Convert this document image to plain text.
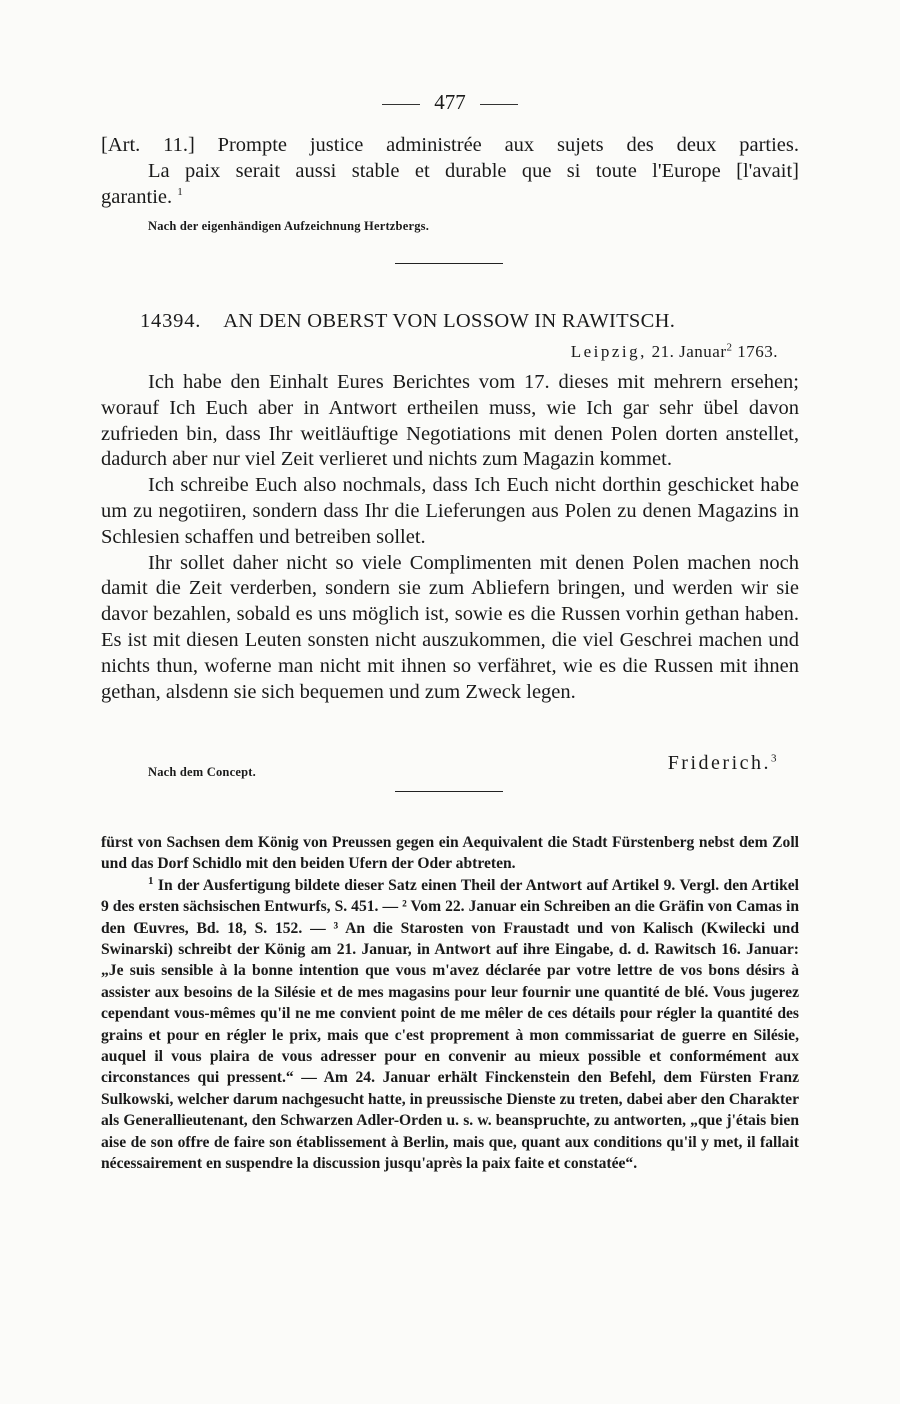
477

[Art. 11.] Prompte justice administrée aux sujets des deux parties.

La paix serait aussi stable et durable que si toute l'Europe [l'avait]

garantie. $^1$

Nach der eigenhändigen Aufzeichnung Hertzbergs.
14394. AN DEN OBERST VON LOSSOW IN RAWITSCH.
Leipzig, 21. Januar$^2$ 1763.

Ich habe den Einhalt Eures Berichtes vom 17. dieses mit mehrern ersehen; worauf Ich Euch aber in Antwort ertheilen muss, wie Ich gar sehr übel davon zufrieden bin, dass Ihr weitläuftige Negotiations mit denen Polen dorten anstellet, dadurch aber nur viel Zeit verlieret und nichts zum Magazin kommet.

Ich schreibe Euch also nochmals, dass Ich Euch nicht dorthin geschicket habe um zu negotiiren, sondern dass Ihr die Lieferungen aus Polen zu denen Magazins in Schlesien schaffen und betreiben sollet.

Ihr sollet daher nicht so viele Complimenten mit denen Polen machen noch damit die Zeit verderben, sondern sie zum Abliefern bringen, und werden wir sie davor bezahlen, sobald es uns möglich ist, sowie es die Russen vorhin gethan haben. Es ist mit diesen Leuten sonsten nicht auszukommen, die viel Geschrei machen und nichts thun, woferne man nicht mit ihnen so verfähret, wie es die Russen mit ihnen gethan, alsdenn sie sich bequemen und zum Zweck legen.

Nach dem Concept.	Friderich.$^3$

fürst von Sachsen dem König von Preussen gegen ein Aequivalent die Stadt Fürstenberg nebst dem Zoll und das Dorf Schidlo mit den beiden Ufern der Oder abtreten.

$^1$ In der Ausfertigung bildete dieser Satz einen Theil der Antwort auf Artikel 9. Vergl. den Artikel 9 des ersten sächsischen Entwurfs, S. 451. — ² Vom 22. Januar ein Schreiben an die Gräfin von Camas in den Œuvres, Bd. 18, S. 152. — ³ An die Starosten von Fraustadt und von Kalisch (Kwilecki und Swinarski) schreibt der König am 21. Januar, in Antwort auf ihre Eingabe, d. d. Rawitsch 16. Januar: „Je suis sensible à la bonne intention que vous m'avez déclarée par votre lettre de vos bons désirs à assister aux besoins de la Silésie et de mes magasins pour leur fournir une quantité de blé. Vous jugerez cependant vous-mêmes qu'il ne me convient point de me mêler de ces détails pour régler la quantité des grains et pour en régler le prix, mais que c'est proprement à mon commissariat de guerre en Silésie, auquel il vous plaira de vous adresser pour en convenir au mieux possible et conformément aux circonstances qui pressent.“ — Am 24. Januar erhält Finckenstein den Befehl, dem Fürsten Franz Sulkowski, welcher darum nachgesucht hatte, in preussische Dienste zu treten, dabei aber den Charakter als Generallieutenant, den Schwarzen Adler-Orden u. s. w. beanspruchte, zu antworten, „que j'étais bien aise de son offre de faire son établissement à Berlin, mais que, quant aux conditions qu'il y met, il fallait nécessairement en suspendre la discussion jusqu'après la paix faite et constatée“.
